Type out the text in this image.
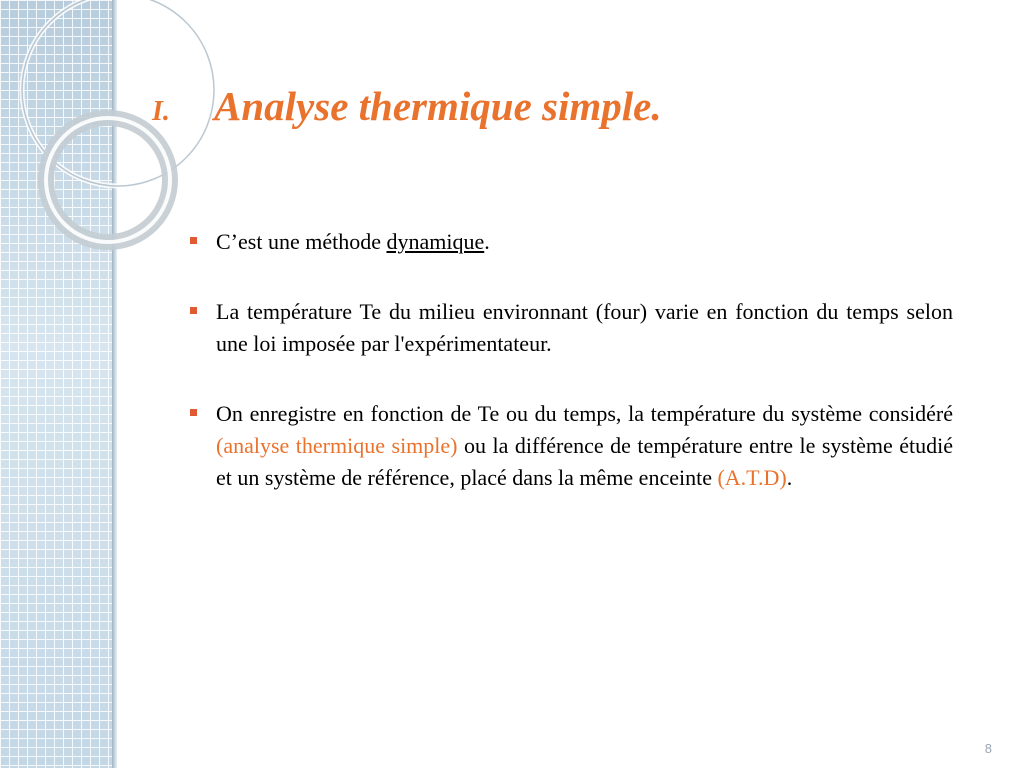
I.	Analyse thermique simple.
C’est une méthode dynamique.
La température Te du milieu environnant (four) varie en fonction du temps selon une loi imposée par l'expérimentateur.
On enregistre en fonction de Te ou du temps, la température du système considéré (analyse thermique simple) ou la différence de température entre le système étudié et un système de référence, placé dans la même enceinte (A.T.D).
8
